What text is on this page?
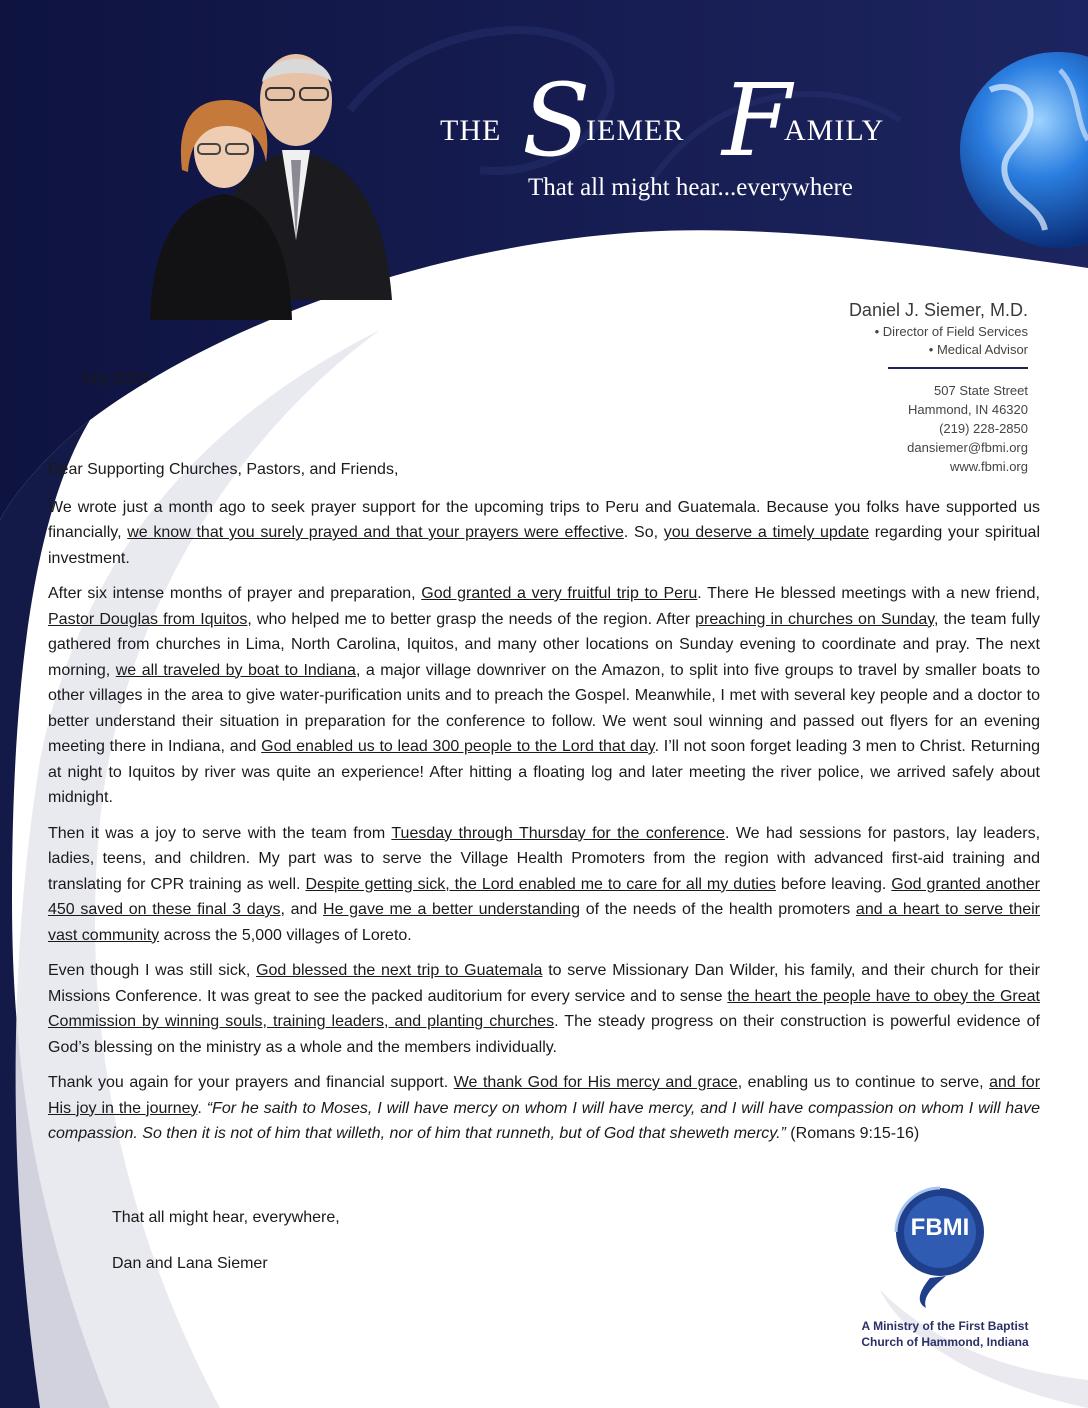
THE S
IEMER F
AMILY
That all might hear...everywhere
Daniel J. Siemer, M.D.
• Director of Field Services
• Medical Advisor
507 State Street
Hammond, IN 46320
(219) 228-2850
dansiemer@fbmi.org
www.fbmi.org
July 2023

Dear Supporting Churches, Pastors, and Friends,

We wrote just a month ago to seek prayer support for the upcoming trips to Peru and Guatemala. Because you folks have supported us financially, we know that you surely prayed and that your prayers were effective. So, you deserve a timely update regarding your spiritual investment.

After six intense months of prayer and preparation, God granted a very fruitful trip to Peru. There He blessed meetings with a new friend, Pastor Douglas from Iquitos, who helped me to better grasp the needs of the region. After preaching in churches on Sunday, the team fully gathered from churches in Lima, North Carolina, Iquitos, and many other locations on Sunday evening to coordinate and pray. The next morning, we all traveled by boat to Indiana, a major village downriver on the Amazon, to split into five groups to travel by smaller boats to other villages in the area to give water-purification units and to preach the Gospel. Meanwhile, I met with several key people and a doctor to better understand their situation in preparation for the conference to follow. We went soul winning and passed out flyers for an evening meeting there in Indiana, and God enabled us to lead 300 people to the Lord that day. I’ll not soon forget leading 3 men to Christ. Returning at night to Iquitos by river was quite an experience! After hitting a floating log and later meeting the river police, we arrived safely about midnight.

Then it was a joy to serve with the team from Tuesday through Thursday for the conference. We had sessions for pastors, lay leaders, ladies, teens, and children. My part was to serve the Village Health Promoters from the region with advanced first-aid training and translating for CPR training as well. Despite getting sick, the Lord enabled me to care for all my duties before leaving. God granted another 450 saved on these final 3 days, and He gave me a better understanding of the needs of the health promoters and a heart to serve their vast community across the 5,000 villages of Loreto.

Even though I was still sick, God blessed the next trip to Guatemala to serve Missionary Dan Wilder, his family, and their church for their Missions Conference. It was great to see the packed auditorium for every service and to sense the heart the people have to obey the Great Commission by winning souls, training leaders, and planting churches. The steady progress on their construction is powerful evidence of God’s blessing on the ministry as a whole and the members individually.

Thank you again for your prayers and financial support. We thank God for His mercy and grace, enabling us to continue to serve, and for His joy in the journey. “For he saith to Moses, I will have mercy on whom I will have mercy, and I will have compassion on whom I will have compassion. So then it is not of him that willeth, nor of him that runneth, but of God that sheweth mercy.” (Romans 9:15-16)

That all might hear, everywhere,
Dan and Lana Siemer
FBMI
A Ministry of the First Baptist
Church of Hammond, Indiana
